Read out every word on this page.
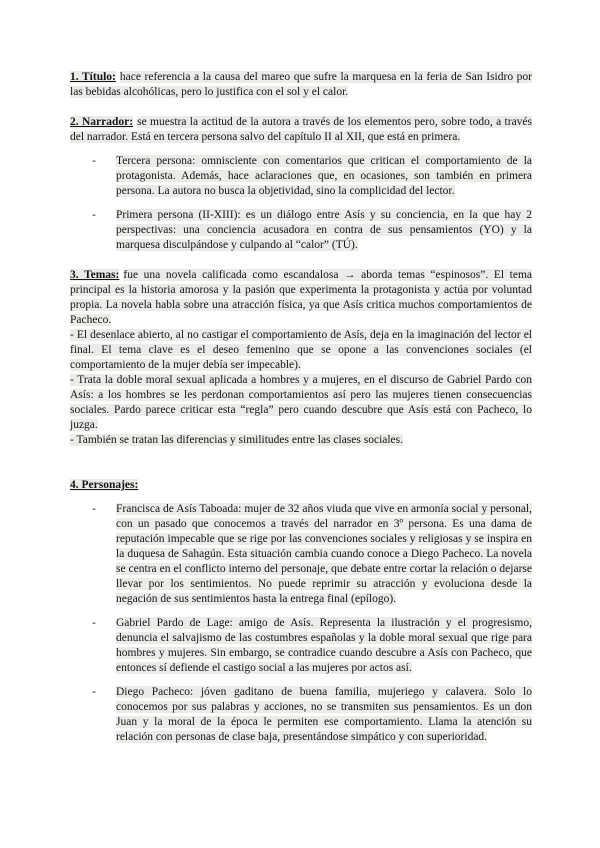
1. Título: hace referencia a la causa del mareo que sufre la marquesa en la feria de San Isidro por las bebidas alcohólicas, pero lo justifica con el sol y el calor.

2. Narrador: se muestra la actitud de la autora a través de los elementos pero, sobre todo, a través del narrador. Está en tercera persona salvo del capítulo II al XII, que está en primera.

-	Tercera persona: omnisciente con comentarios que critican el comportamiento de la protagonista. Además, hace aclaraciones que, en ocasiones, son también en primera persona. La autora no busca la objetividad, sino la complicidad del lector.
-	Primera persona (II-XIII): es un diálogo entre Asís y su conciencia, en la que hay 2 perspectivas: una conciencia acusadora en contra de sus pensamientos (YO) y la marquesa disculpándose y culpando al “calor” (TÚ).

3. Temas: fue una novela calificada como escandalosa → aborda temas “espinosos”. El tema principal es la historia amorosa y la pasión que experimenta la protagonista y actúa por voluntad propia. La novela habla sobre una atracción física, ya que Asís critica muchos comportamientos de Pacheco.

- El desenlace abierto, al no castigar el comportamiento de Asís, deja en la imaginación del lector el final. El tema clave es el deseo femenino que se opone a las convenciones sociales (el comportamiento de la mujer debía ser impecable).

- Trata la doble moral sexual aplicada a hombres y a mujeres, en el discurso de Gabriel Pardo con Asís: a los hombres se les perdonan comportamientos así pero las mujeres tienen consecuencias sociales. Pardo parece criticar esta “regla” pero cuando descubre que Asís está con Pacheco, lo juzga.

- También se tratan las diferencias y similitudes entre las clases sociales.

4. Personajes:

-	Francisca de Asís Taboada: mujer de 32 años viuda que vive en armonía social y personal, con un pasado que conocemos a través del narrador en 3º persona. Es una dama de reputación impecable que se rige por las convenciones sociales y religiosas y se inspira en la duquesa de Sahagún. Esta situación cambia cuando conoce a Diego Pacheco. La novela se centra en el conflicto interno del personaje, que debate entre cortar la relación o dejarse llevar por los sentimientos. No puede reprimir su atracción y evoluciona desde la negación de sus sentimientos hasta la entrega final (epílogo).
-	Gabriel Pardo de Lage: amigo de Asís. Representa la ilustración y el progresismo, denuncia el salvajismo de las costumbres españolas y la doble moral sexual que rige para hombres y mujeres. Sin embargo, se contradice cuando descubre a Asís con Pacheco, que entonces sí defiende el castigo social a las mujeres por actos así.
-	Diego Pacheco: jóven gaditano de buena familia, mujeriego y calavera. Solo lo conocemos por sus palabras y acciones, no se transmiten sus pensamientos. Es un don Juan y la moral de la época le permiten ese comportamiento. Llama la atención su relación con personas de clase baja, presentándose simpático y con superioridad.
